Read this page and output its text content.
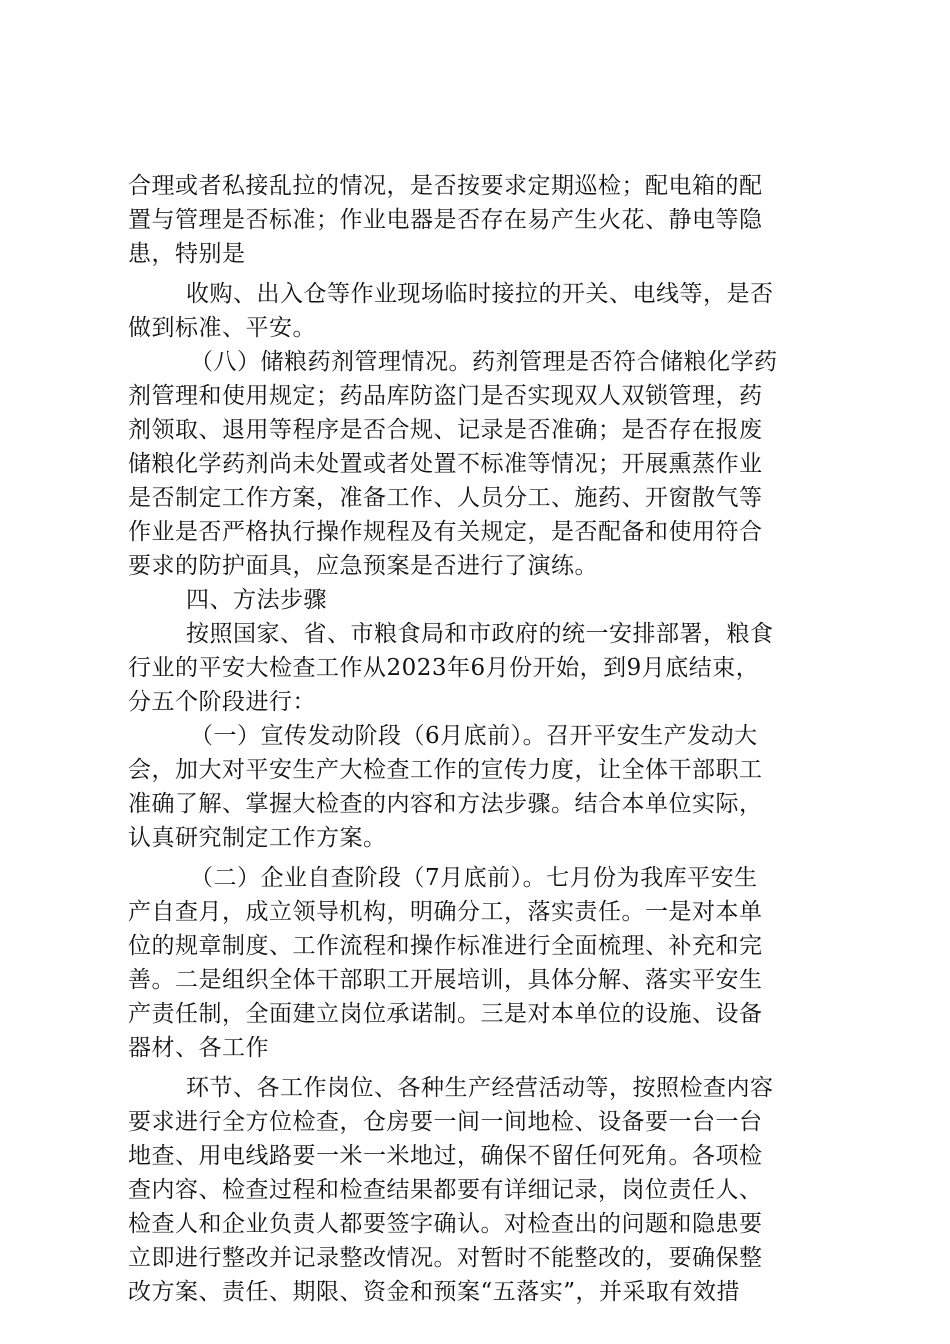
合理或者私接乱拉的情况，是否按要求定期巡检；配电箱的配
置与管理是否标准；作业电器是否存在易产生火花、静电等隐
患，特别是
收购、出入仓等作业现场临时接拉的开关、电线等，是否
做到标准、平安。
（八）储粮药剂管理情况。药剂管理是否符合储粮化学药
剂管理和使用规定；药品库防盗门是否实现双人双锁管理，药
剂领取、退用等程序是否合规、记录是否准确；是否存在报废
储粮化学药剂尚未处置或者处置不标准等情况；开展熏蒸作业
是否制定工作方案，准备工作、人员分工、施药、开窗散气等
作业是否严格执行操作规程及有关规定，是否配备和使用符合
要求的防护面具，应急预案是否进行了演练。
四、方法步骤
按照国家、省、市粮食局和市政府的统一安排部署，粮食
行业的平安大检查工作从2023年6月份开始，到9月底结束，
分五个阶段进行：
（一）宣传发动阶段（6月底前）。召开平安生产发动大
会，加大对平安生产大检查工作的宣传力度，让全体干部职工
准确了解、掌握大检查的内容和方法步骤。结合本单位实际，
认真研究制定工作方案。
（二）企业自查阶段（7月底前）。七月份为我库平安生
产自查月，成立领导机构，明确分工，落实责任。一是对本单
位的规章制度、工作流程和操作标准进行全面梳理、补充和完
善。二是组织全体干部职工开展培训，具体分解、落实平安生
产责任制，全面建立岗位承诺制。三是对本单位的设施、设备
器材、各工作
环节、各工作岗位、各种生产经营活动等，按照检查内容
要求进行全方位检查，仓房要一间一间地检、设备要一台一台
地查、用电线路要一米一米地过，确保不留任何死角。各项检
查内容、检查过程和检查结果都要有详细记录，岗位责任人、
检查人和企业负责人都要签字确认。对检查出的问题和隐患要
立即进行整改并记录整改情况。对暂时不能整改的，要确保整
改方案、责任、期限、资金和预案“五落实”，并采取有效措
